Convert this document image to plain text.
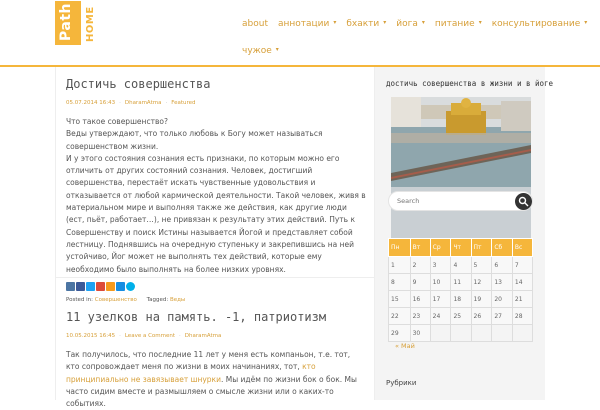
Path HOME	about аннотации ▾ бхакти ▾ йога ▾ питание ▾ консультирование ▾
чужое ▾
Достичь совершенства
05.07.2014 16:43 · DharamAtma · Featured
Что такое совершенство?
Веды утверждают, что только любовь к Богу может называться совершенством жизни.
И у этого состояния сознания есть признаки, по которым можно его отличить от других состояний сознания. Человек, достигший совершенства, перестаёт искать чувственные удовольствия и отказывается от любой кармической деятельности. Такой человек, живя в материальном мире и выполняя также же действия, как другие люди (ест, пьёт, работает…), не привязан к результату этих действий. Путь к Совершенству и поиск Истины называется Йогой и представляет собой лестницу. Поднявшись на очередную ступеньку и закрепившись на ней устойчиво, Йог может не выполнять тех действий, которые ему необходимо было выполнять на более низких уровнях.
Posted in: Совершенство Tagged: Веды
11 узелков на память. -1, патриотизм
10.05.2015 16:45 · Leave a Comment · DharamAtma
Так получилось, что последние 11 лет у меня есть компаньон, т.е. тот, кто сопровождает меня по жизни в моих начинаниях, тот, кто принципиально не завязывает шнурки. Мы идём по жизни бок о бок. Мы часто сидим вместе и размышляем о смысле жизни или о каких-то событиях.
достичь совершенства в жизни и в йоге
Search
Пн	Вт	Ср	Чт	Пт	Сб	Вс
1	2	3	4	5	6	7
8	9	10	11	12	13	14
15	16	17	18	19	20	21
22	23	24	25	26	27	28
29	30					
« Май
Рубрики
